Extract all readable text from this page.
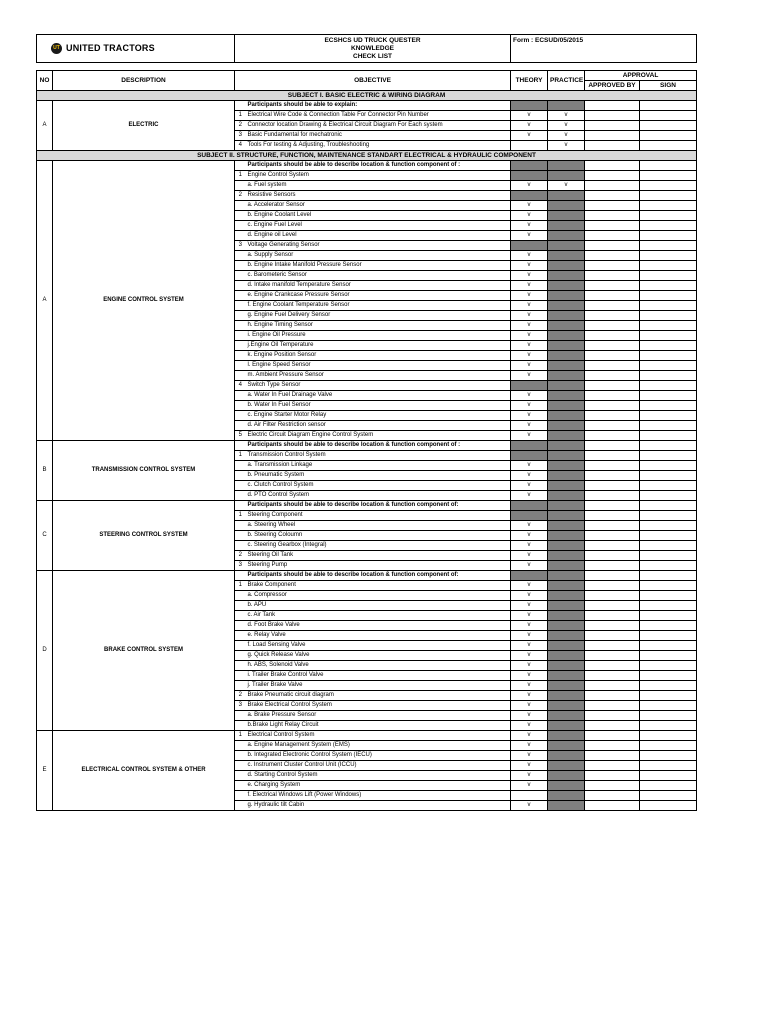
UT UNITED TRACTORS

ECSHCS UD TRUCK QUESTER
KNOWLEDGE
CHECK LIST
	Form : ECSUD/05/2015
NO	DESCRIPTION	OBJECTIVE		THEORY	PRACTICE	APPROVAL	
						APPROVED BY	SIGN
SUBJECT I. BASIC ELECTRIC & WIRING DIAGRAM							
A	ELECTRIC		Participants should be able to explain:				
		1	Electrical Wire Code & Connection Table For Connector Pin Number	v	v		
		2	Connector location Drawing & Electrical Circuit Diagram For Each system	v	v		
		3	Basic Fundamental for mechatronic	v	v		
		4	Tools For testing & Adjusting, Troubleshooting		v		
SUBJECT II. STRUCTURE, FUNCTION, MAINTENANCE STANDART ELECTRICAL & HYDRAULIC COMPONENT							
A	ENGINE CONTROL SYSTEM		Participants should be able to describe location & function component of :				
		1	Engine Control System				
			a. Fuel system	v	v		
		2	Resistive Sensors				
			a. Accelerator Sensor	v			
			b. Engine Coolant Level	v			
			c. Engine Fuel Level	v			
			d. Engine oil Level	v			
		3	Voltage Generating Sensor				
			a. Supply Sensor	v			
			b. Engine Intake Manifold Pressure Sensor	v			
			c. Barometeric Sensor	v			
			d. Intake manifold Temperature Sensor	v			
			e. Engine Crankcase Pressure Sensor	v			
			f. Engine Coolant Temperature Sensor	v			
			g. Engine Fuel Delivery Sensor	v			
			h. Engine Timing Sensor	v			
			i. Engine Oil Pressure	v			
			j.Engine Oil Temperature	v			
			k. Engine Position Sensor	v			
			l. Engine Speed Sensor	v			
			m. Ambient Pressure Sensor	v			
		4	Switch Type Sensor				
			a. Water In Fuel Drainage Valve	v			
			b. Water In Fuel Sensor	v			
			c. Engine Starter Motor Relay	v			
			d. Air Filter Restriction sensor	v			
		5	Electric Circuit Diagram Engine Control System	v			
B	TRANSMISSION CONTROL SYSTEM		Participants should be able to describe location & function component of :				
		1	Transmission Control System				
			a. Transmission Linkage	v			
			b. Pneumatic System	v			
			c. Clutch Control System	v			
			d. PTO Control System	v			
C	STEERING CONTROL SYSTEM		Participants should be able to describe location & function component of:				
		1	Steering Component				
			a. Steering Wheel	v			
			b. Steering Coloumn	v			
			c. Steering Gearbox (Integral)	v			
		2	Steering Oil Tank	v			
		3	Steering Pump	v			
D	BRAKE CONTROL SYSTEM		Participants should be able to describe location & function component of:				
		1	Brake Component	v			
			a. Compressor	v			
			b. APU	v			
			c. Air Tank	v			
			d. Foot Brake Valve	v			
			e. Relay Valve	v			
			f. Load Sensing Valve	v			
			g. Quick Release Valve	v			
			h. ABS, Solenoid Valve	v			
			i. Trailer Brake Control Valve	v			
			j. Trailer Brake Valve	v			
		2	Brake Pneumatic circuit diagram	v			
		3	Brake Electrical Control System	v			
			a. Brake Pressure Sensor	v			
			b.Brake Light Relay Circuit	v			
E	ELECTRICAL CONTROL SYSTEM & OTHER	1	Electrical Control System	v			
			a. Engine Management System (EMS)	v			
			b. Integrated Electronic Control System (IECU)	v			
			c. Instrument Cluster Control Unit (ICCU)	v			
			d. Starting Control System	v			
			e. Charging System	v			
			f. Electrical Windows Lift (Power Windows)				
			g. Hydraulic tilt Cabin	v			
